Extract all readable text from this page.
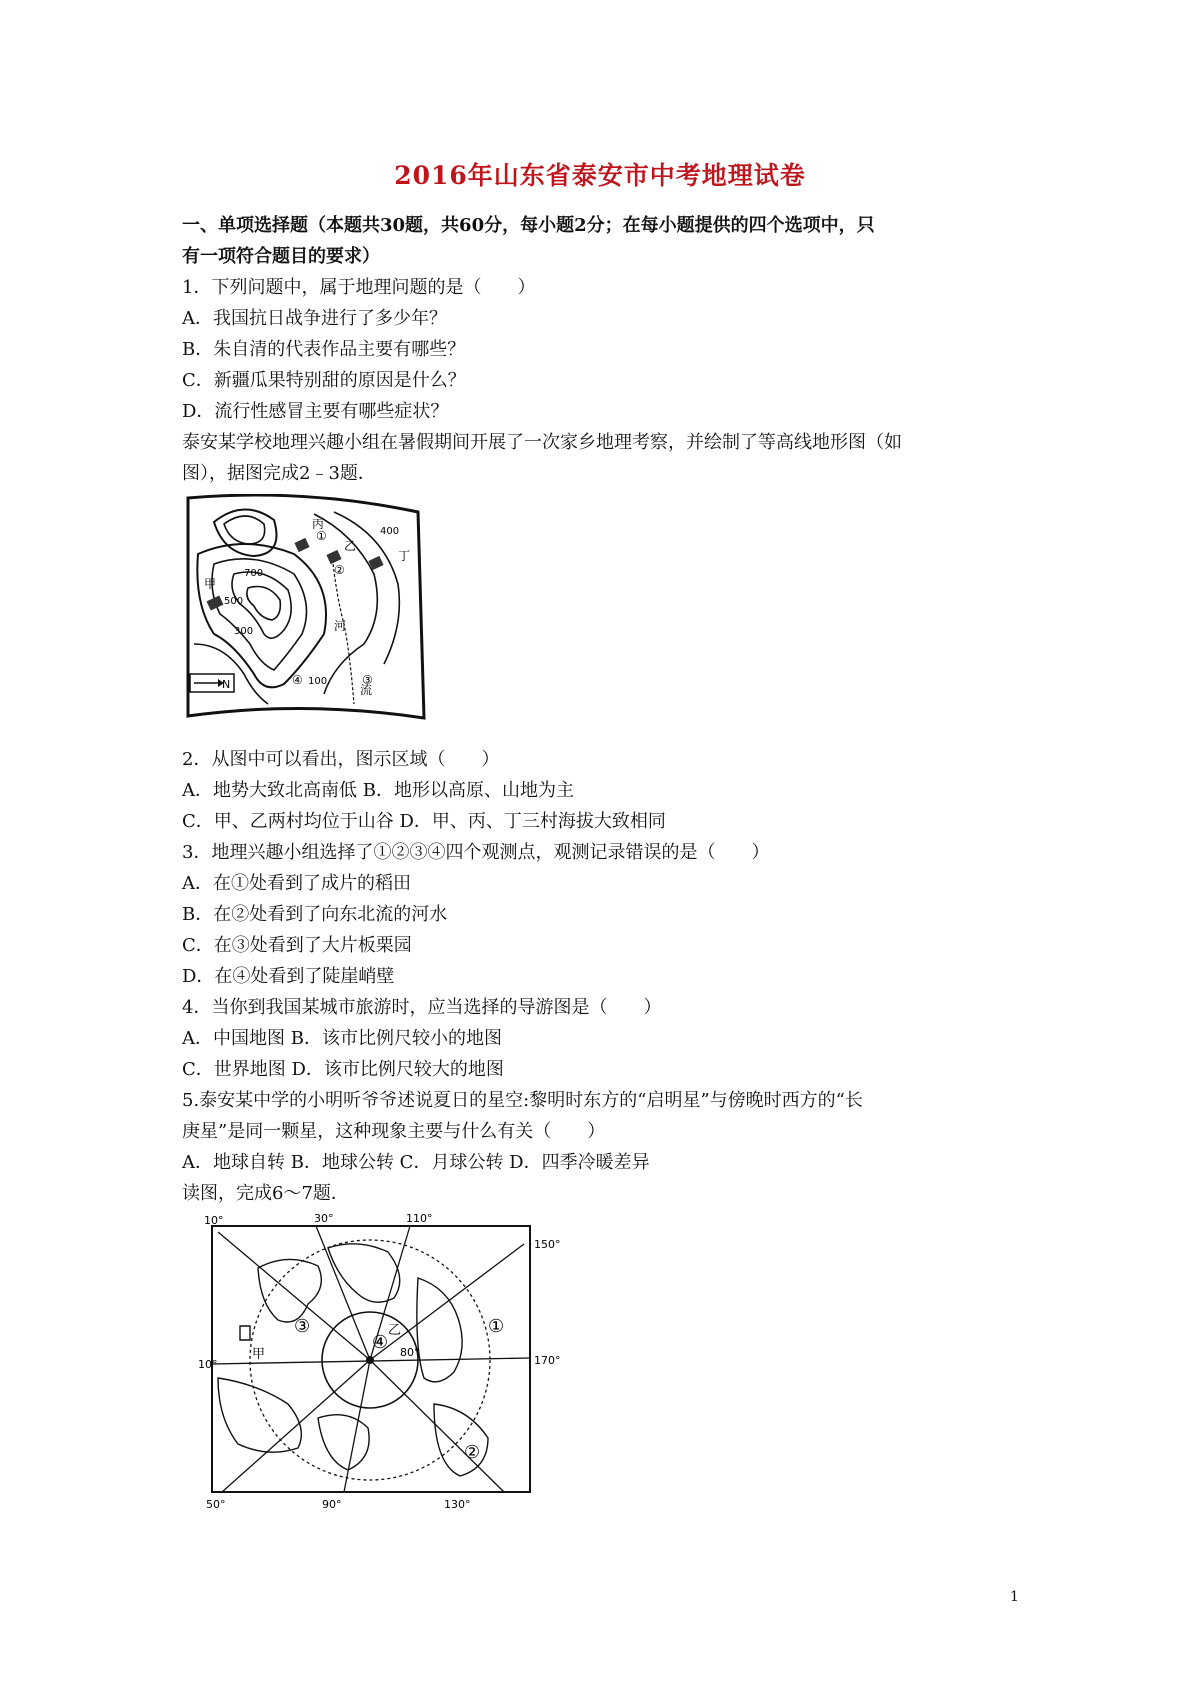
2016年山东省泰安市中考地理试卷
一、单项选择题（本题共30题，共60分，每小题2分；在每小题提供的四个选项中，只
有一项符合题目的要求）
1．下列问题中，属于地理问题的是（　　）
A．我国抗日战争进行了多少年？
B．朱自清的代表作品主要有哪些？
C．新疆瓜果特别甜的原因是什么？
D．流行性感冒主要有哪些症状？
泰安某学校地理兴趣小组在暑假期间开展了一次家乡地理考察，并绘制了等高线地形图（如
图），据图完成2﹣3题．
丙
丁
乙
甲
河
流
700
500
300
100
400
①
②
④	③
N
2．从图中可以看出，图示区域（　　）
A．地势大致北高南低 B．地形以高原、山地为主
C．甲、乙两村均位于山谷 D．甲、丙、丁三村海拔大致相同
3．地理兴趣小组选择了①②③④四个观测点，观测记录错误的是（　　）
A．在①处看到了成片的稻田
B．在②处看到了向东北流的河水
C．在③处看到了大片板栗园
D．在④处看到了陡崖峭壁
4．当你到我国某城市旅游时，应当选择的导游图是（　　）
A．中国地图 B．该市比例尺较小的地图
C．世界地图 D．该市比例尺较大的地图
5.泰安某中学的小明听爷爷述说夏日的星空:黎明时东方的“启明星”与傍晚时西方的“长
庚星”是同一颗星，这种现象主要与什么有关（　　）
A．地球自转 B．地球公转 C．月球公转 D．四季冷暖差异
读图，完成6～7题．
10°	30°	110°
150°
10°	170°
50°	90°	130°
80°
甲
乙	①
②
③
④
1
